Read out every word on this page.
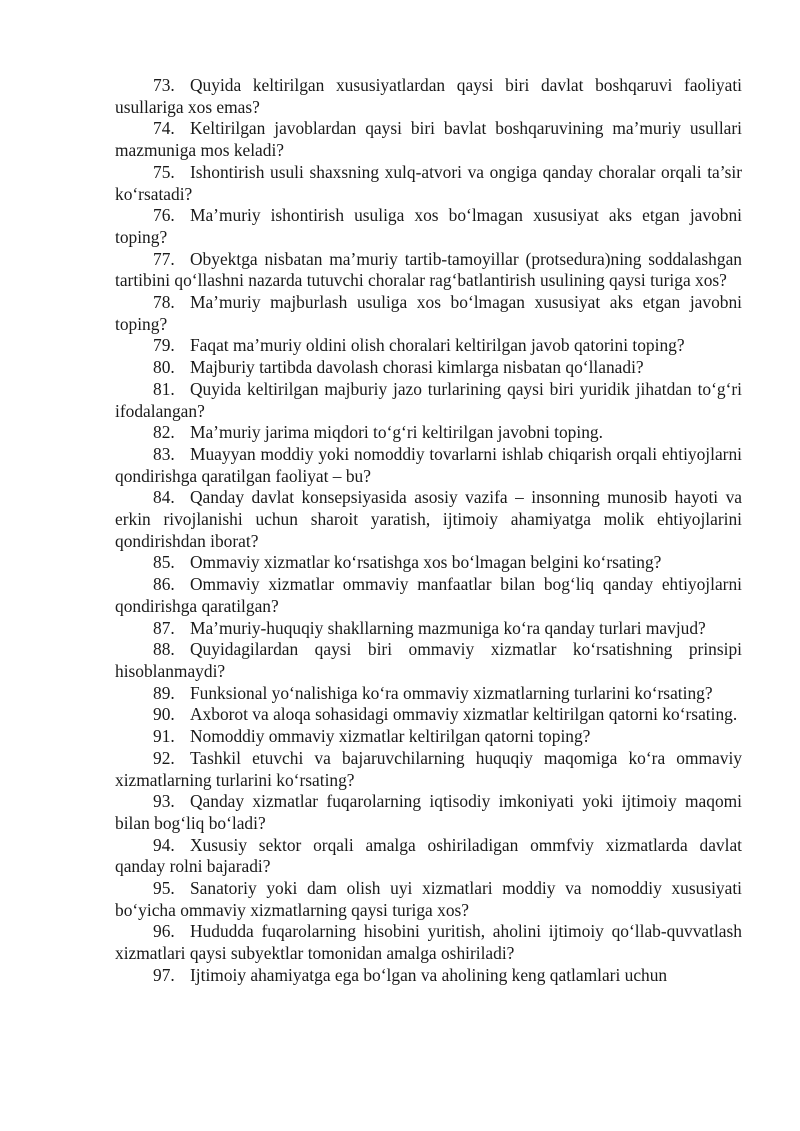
73. Quyida keltirilgan xususiyatlardan qaysi biri davlat boshqaruvi faoliyati usullariga xos emas?

74. Keltirilgan javoblardan qaysi biri bavlat boshqaruvining ma’muriy usullari mazmuniga mos keladi?

75. Ishontirish usuli shaxsning xulq-atvori va ongiga qanday choralar orqali ta’sir ko‘rsatadi?

76. Ma’muriy ishontirish usuliga xos bo‘lmagan xususiyat aks etgan javobni toping?

77. Obyektga nisbatan ma’muriy tartib-tamoyillar (protsedura)ning soddalashgan tartibini qo‘llashni nazarda tutuvchi choralar rag‘batlantirish usulining qaysi turiga xos?

78. Ma’muriy majburlash usuliga xos bo‘lmagan xususiyat aks etgan javobni toping?

79. Faqat ma’muriy oldini olish choralari keltirilgan javob qatorini toping?

80. Majburiy tartibda davolash chorasi kimlarga nisbatan qo‘llanadi?

81. Quyida keltirilgan majburiy jazo turlarining qaysi biri yuridik jihatdan to‘g‘ri ifodalangan?

82. Ma’muriy jarima miqdori to‘g‘ri keltirilgan javobni toping.

83. Muayyan moddiy yoki nomoddiy tovarlarni ishlab chiqarish orqali ehtiyojlarni qondirishga qaratilgan faoliyat – bu?

84. Qanday davlat konsepsiyasida asosiy vazifa – insonning munosib hayoti va erkin rivojlanishi uchun sharoit yaratish, ijtimoiy ahamiyatga molik ehtiyojlarini qondirishdan iborat?

85. Ommaviy xizmatlar ko‘rsatishga xos bo‘lmagan belgini ko‘rsating?

86. Ommaviy xizmatlar ommaviy manfaatlar bilan bog‘liq qanday ehtiyojlarni qondirishga qaratilgan?

87. Ma’muriy-huquqiy shakllarning mazmuniga ko‘ra qanday turlari mavjud?

88. Quyidagilardan qaysi biri ommaviy xizmatlar ko‘rsatishning prinsipi hisoblanmaydi?

89. Funksional yo‘nalishiga ko‘ra ommaviy xizmatlarning turlarini ko‘rsating?

90. Axborot va aloqa sohasidagi ommaviy xizmatlar keltirilgan qatorni ko‘rsating.

91. Nomoddiy ommaviy xizmatlar keltirilgan qatorni toping?

92. Tashkil etuvchi va bajaruvchilarning huquqiy maqomiga ko‘ra ommaviy xizmatlarning turlarini ko‘rsating?

93. Qanday xizmatlar fuqarolarning iqtisodiy imkoniyati yoki ijtimoiy maqomi bilan bog‘liq bo‘ladi?

94. Xususiy sektor orqali amalga oshiriladigan ommfviy xizmatlarda davlat qanday rolni bajaradi?

95. Sanatoriy yoki dam olish uyi xizmatlari moddiy va nomoddiy xususiyati bo‘yicha ommaviy xizmatlarning qaysi turiga xos?

96. Hududda fuqarolarning hisobini yuritish, aholini ijtimoiy qo‘llab-quvvatlash xizmatlari qaysi subyektlar tomonidan amalga oshiriladi?

97. Ijtimoiy ahamiyatga ega bo‘lgan va aholining keng qatlamlari uchun
